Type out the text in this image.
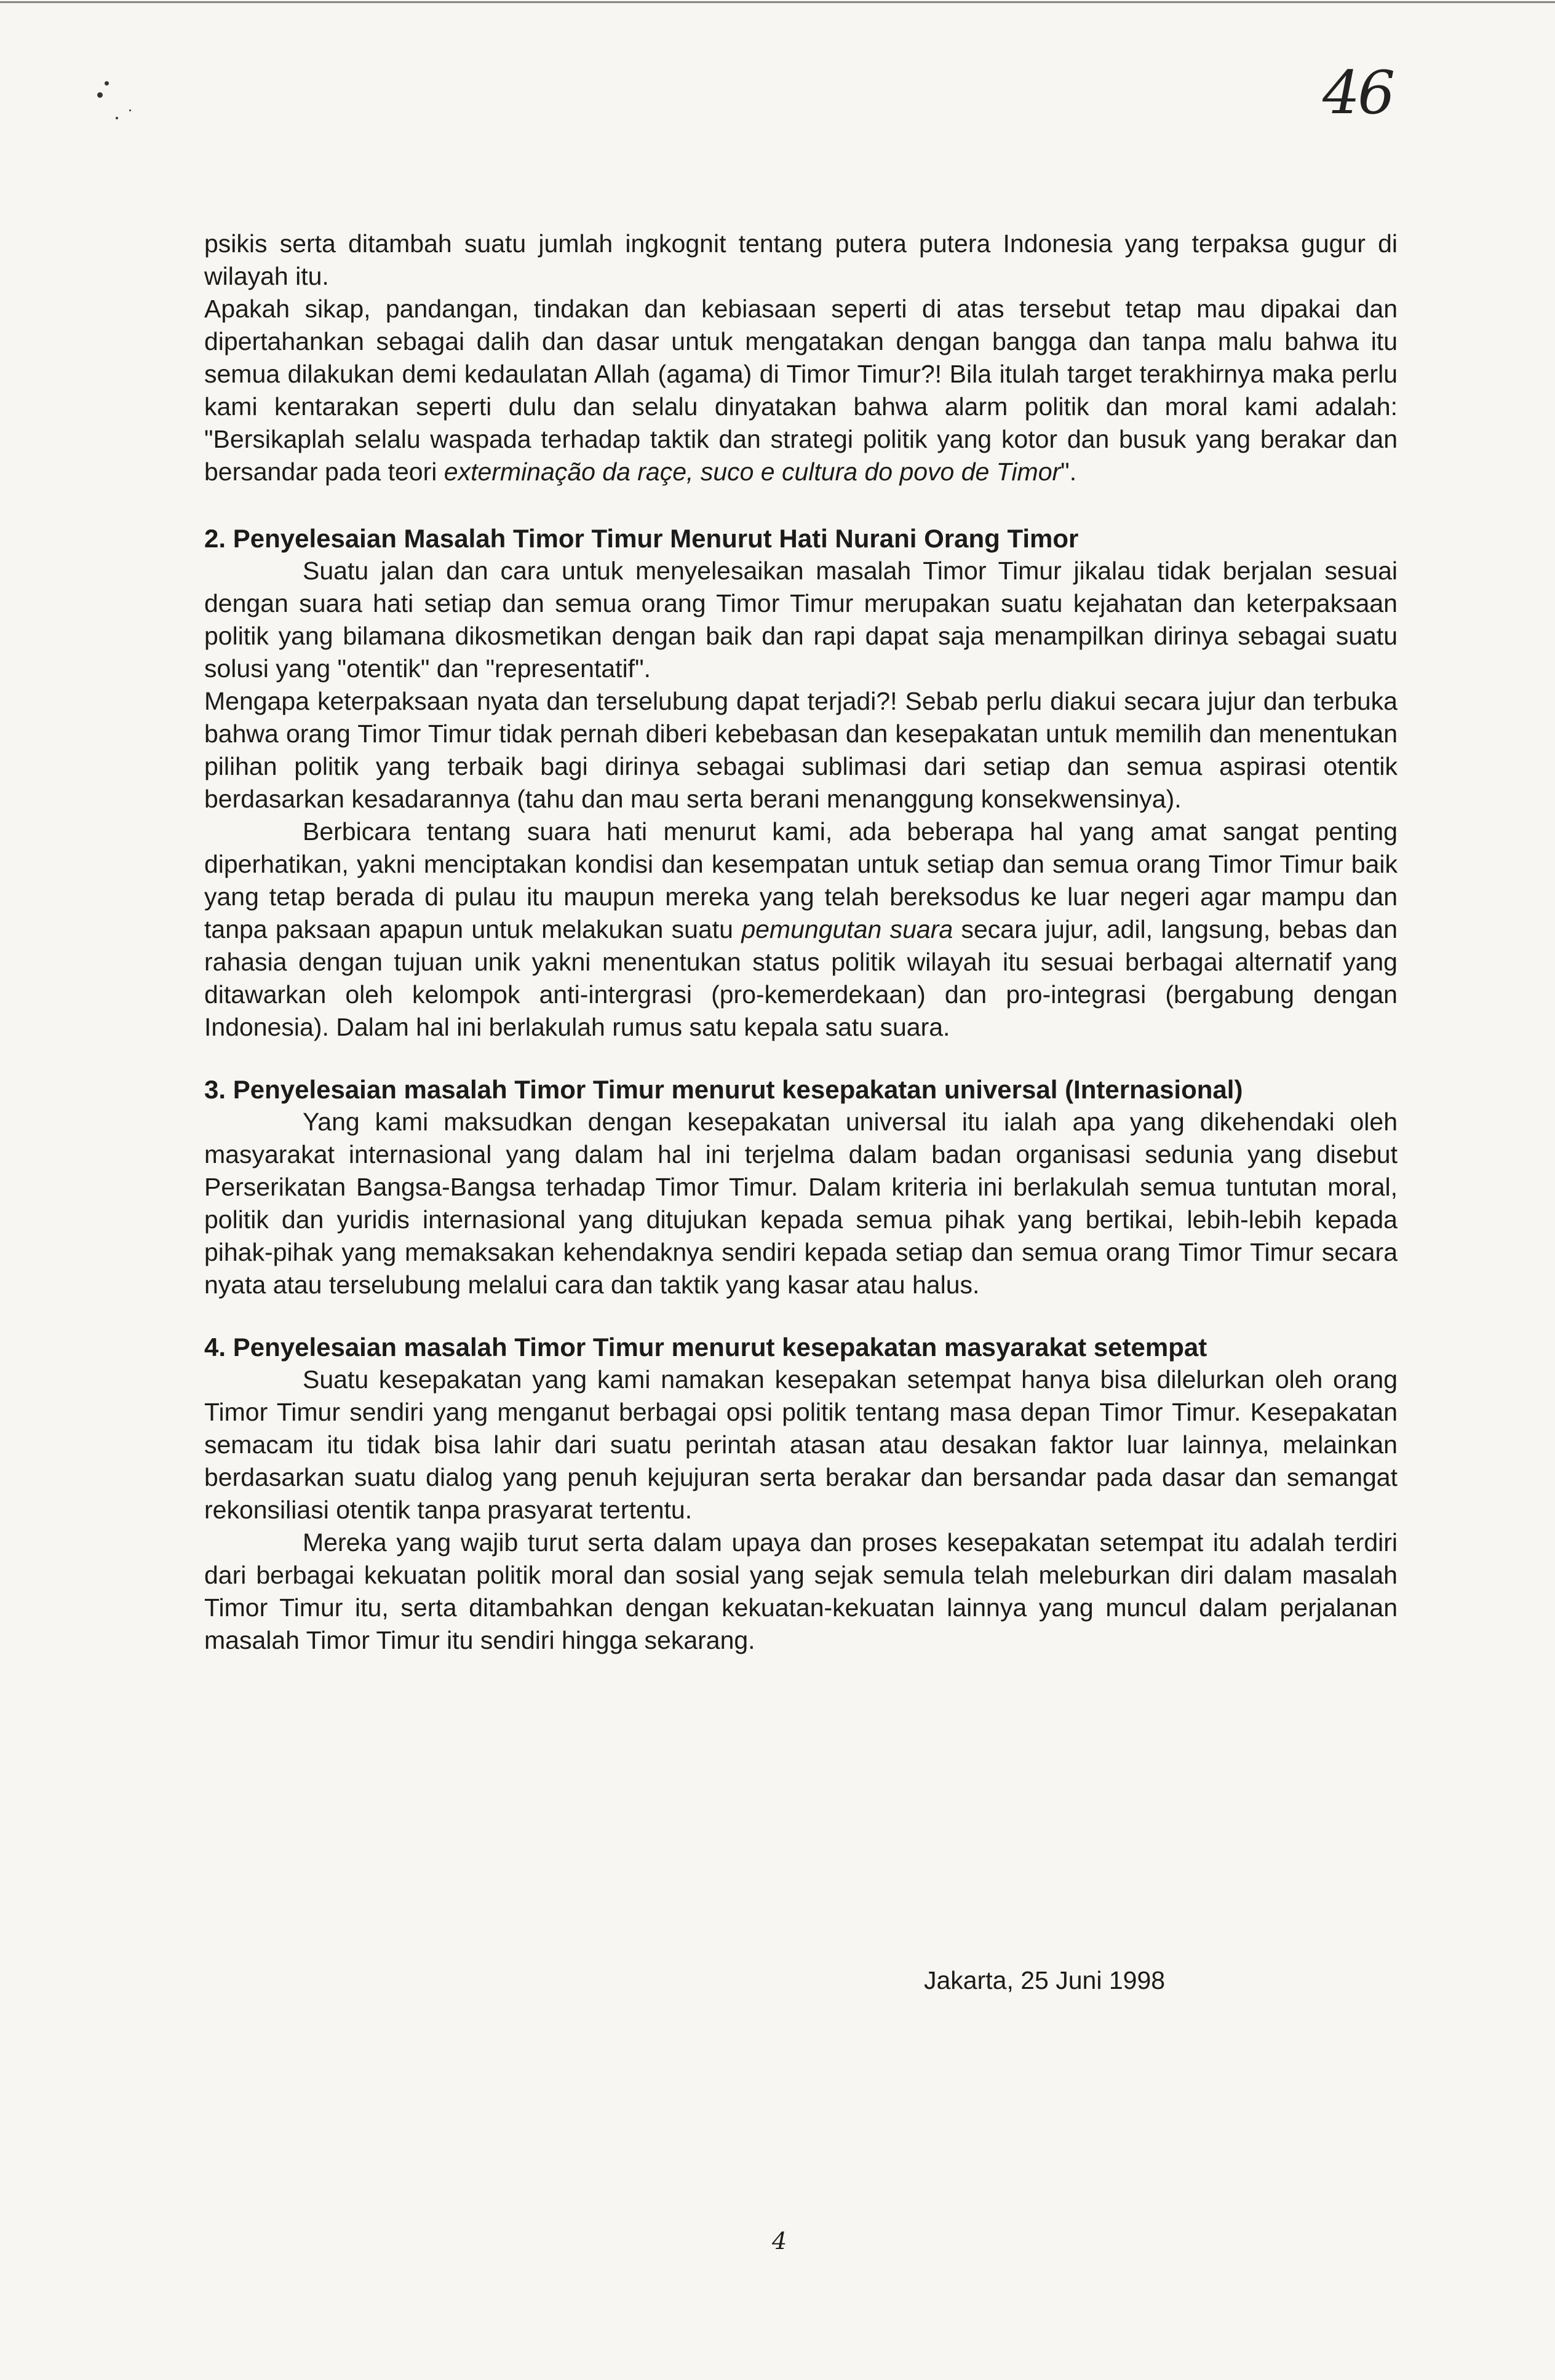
46

psikis serta ditambah suatu jumlah ingkognit tentang putera putera Indonesia yang terpaksa gugur di wilayah itu.

Apakah sikap, pandangan, tindakan dan kebiasaan seperti di atas tersebut tetap mau dipakai dan dipertahankan sebagai dalih dan dasar untuk mengatakan dengan bangga dan tanpa malu bahwa itu semua dilakukan demi kedaulatan Allah (agama) di Timor Timur?! Bila itulah target terakhirnya maka perlu kami kentarakan seperti dulu dan selalu dinyatakan bahwa alarm politik dan moral kami adalah: "Bersikaplah selalu waspada terhadap taktik dan strategi politik yang kotor dan busuk yang berakar dan bersandar pada teori exterminação da raçe, suco e cultura do povo de Timor".

2. Penyelesaian Masalah Timor Timur Menurut Hati Nurani Orang Timor

Suatu jalan dan cara untuk menyelesaikan masalah Timor Timur jikalau tidak berjalan sesuai dengan suara hati setiap dan semua orang Timor Timur merupakan suatu kejahatan dan keterpaksaan politik yang bilamana dikosmetikan dengan baik dan rapi dapat saja menampilkan dirinya sebagai suatu solusi yang "otentik" dan "representatif".

Mengapa keterpaksaan nyata dan terselubung dapat terjadi?! Sebab perlu diakui secara jujur dan terbuka bahwa orang Timor Timur tidak pernah diberi kebebasan dan kesepakatan untuk memilih dan menentukan pilihan politik yang terbaik bagi dirinya sebagai sublimasi dari setiap dan semua aspirasi otentik berdasarkan kesadarannya (tahu dan mau serta berani menanggung konsekwensinya).

Berbicara tentang suara hati menurut kami, ada beberapa hal yang amat sangat penting diperhatikan, yakni menciptakan kondisi dan kesempatan untuk setiap dan semua orang Timor Timur baik yang tetap berada di pulau itu maupun mereka yang telah bereksodus ke luar negeri agar mampu dan tanpa paksaan apapun untuk melakukan suatu pemungutan suara secara jujur, adil, langsung, bebas dan rahasia dengan tujuan unik yakni menentukan status politik wilayah itu sesuai berbagai alternatif yang ditawarkan oleh kelompok anti-intergrasi (pro-kemerdekaan) dan pro-integrasi (bergabung dengan Indonesia). Dalam hal ini berlakulah rumus satu kepala satu suara.

3. Penyelesaian masalah Timor Timur menurut kesepakatan universal (Internasional)

Yang kami maksudkan dengan kesepakatan universal itu ialah apa yang dikehendaki oleh masyarakat internasional yang dalam hal ini terjelma dalam badan organisasi sedunia yang disebut Perserikatan Bangsa-Bangsa terhadap Timor Timur. Dalam kriteria ini berlakulah semua tuntutan moral, politik dan yuridis internasional yang ditujukan kepada semua pihak yang bertikai, lebih-lebih kepada pihak-pihak yang memaksakan kehendaknya sendiri kepada setiap dan semua orang Timor Timur secara nyata atau terselubung melalui cara dan taktik yang kasar atau halus.

4. Penyelesaian masalah Timor Timur menurut kesepakatan masyarakat setempat

Suatu kesepakatan yang kami namakan kesepakan setempat hanya bisa dilelurkan oleh orang Timor Timur sendiri yang menganut berbagai opsi politik tentang masa depan Timor Timur. Kesepakatan semacam itu tidak bisa lahir dari suatu perintah atasan atau desakan faktor luar lainnya, melainkan berdasarkan suatu dialog yang penuh kejujuran serta berakar dan bersandar pada dasar dan semangat rekonsiliasi otentik tanpa prasyarat tertentu.

Mereka yang wajib turut serta dalam upaya dan proses kesepakatan setempat itu adalah terdiri dari berbagai kekuatan politik moral dan sosial yang sejak semula telah meleburkan diri dalam masalah Timor Timur itu, serta ditambahkan dengan kekuatan-kekuatan lainnya yang muncul dalam perjalanan masalah Timor Timur itu sendiri hingga sekarang.

Jakarta, 25 Juni 1998
4
